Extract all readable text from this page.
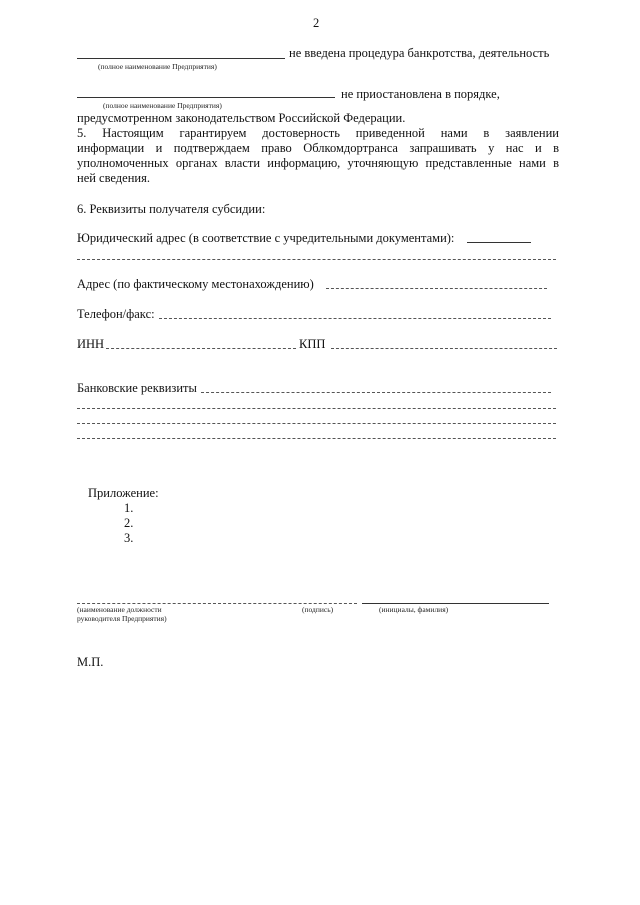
2
не введена процедура банкротства, деятельность
(полное наименование Предприятия)
не приостановлена в порядке,
(полное наименование Предприятия)
предусмотренном законодательством Российской Федерации.
5. Настоящим гарантируем достоверность приведенной нами в заявлении
информации и подтверждаем право Облкомдортранса запрашивать у нас и в
уполномоченных органах власти информацию, уточняющую представленные нами в
ней сведения.
6. Реквизиты получателя субсидии:
Юридический адрес (в соответствие с учредительными документами):
Адрес (по фактическому местонахождению)
Телефон/факс:
ИНН	КПП
Банковские реквизиты
Приложение:
1.
2.
3.
(наименование должности
руководителя Предприятия)
(подпись)	(инициалы, фамилия)
М.П.
